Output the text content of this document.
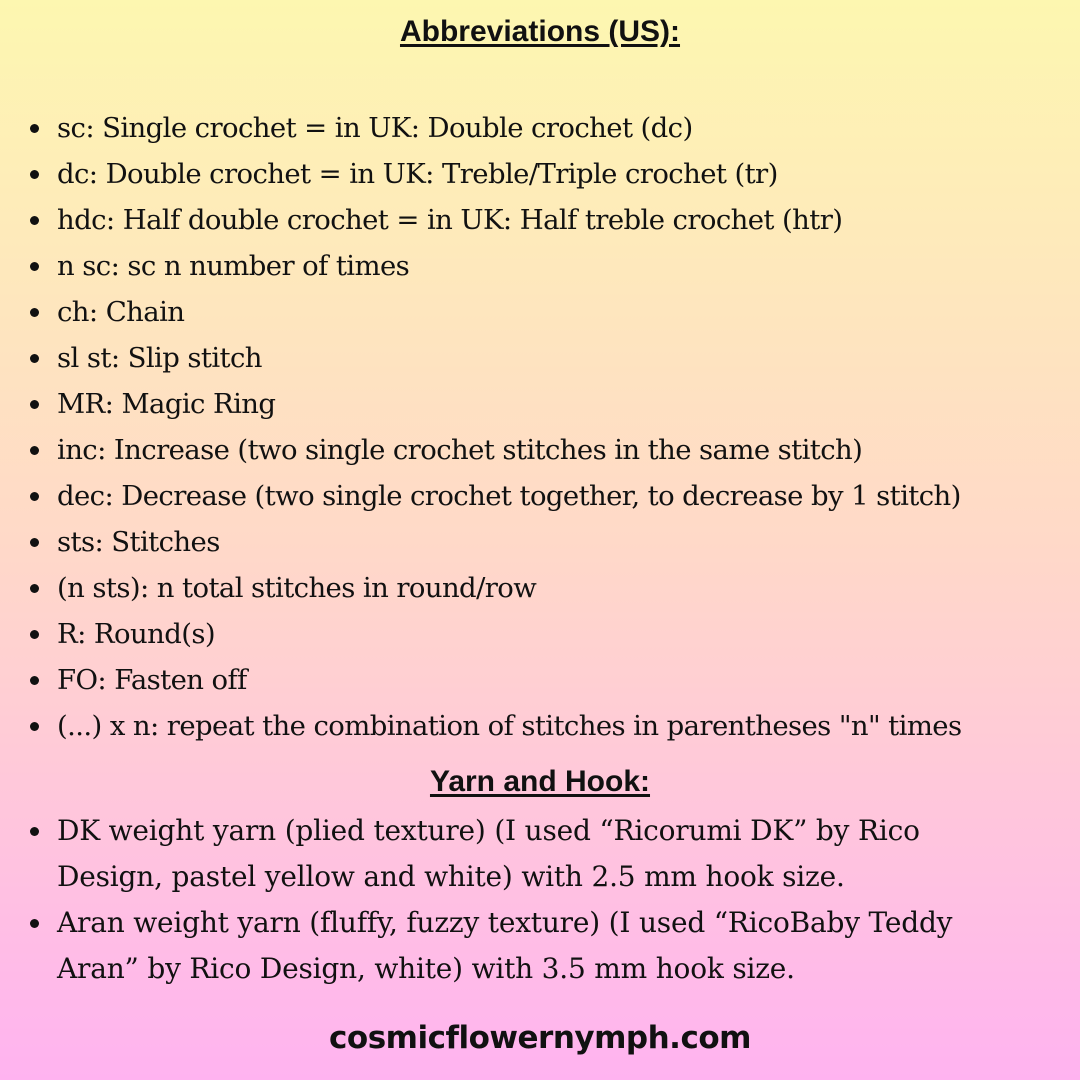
Abbreviations (US):
sc: Single crochet = in UK: Double crochet (dc)
dc: Double crochet = in UK: Treble/Triple crochet (tr)
hdc: Half double crochet = in UK: Half treble crochet (htr)
n sc: sc n number of times
ch: Chain
sl st: Slip stitch
MR: Magic Ring
inc: Increase (two single crochet stitches in the same stitch)
dec: Decrease (two single crochet together, to decrease by 1 stitch)
sts: Stitches
(n sts): n total stitches in round/row
R: Round(s)
FO: Fasten off
(...) x n: repeat the combination of stitches in parentheses "n" times
Yarn and Hook:
DK weight yarn (plied texture) (I used “Ricorumi DK” by Rico Design, pastel yellow and white) with 2.5 mm hook size.
Aran weight yarn (fluffy, fuzzy texture) (I used “RicoBaby Teddy Aran” by Rico Design, white) with 3.5 mm hook size.
cosmicflowernymph.com
